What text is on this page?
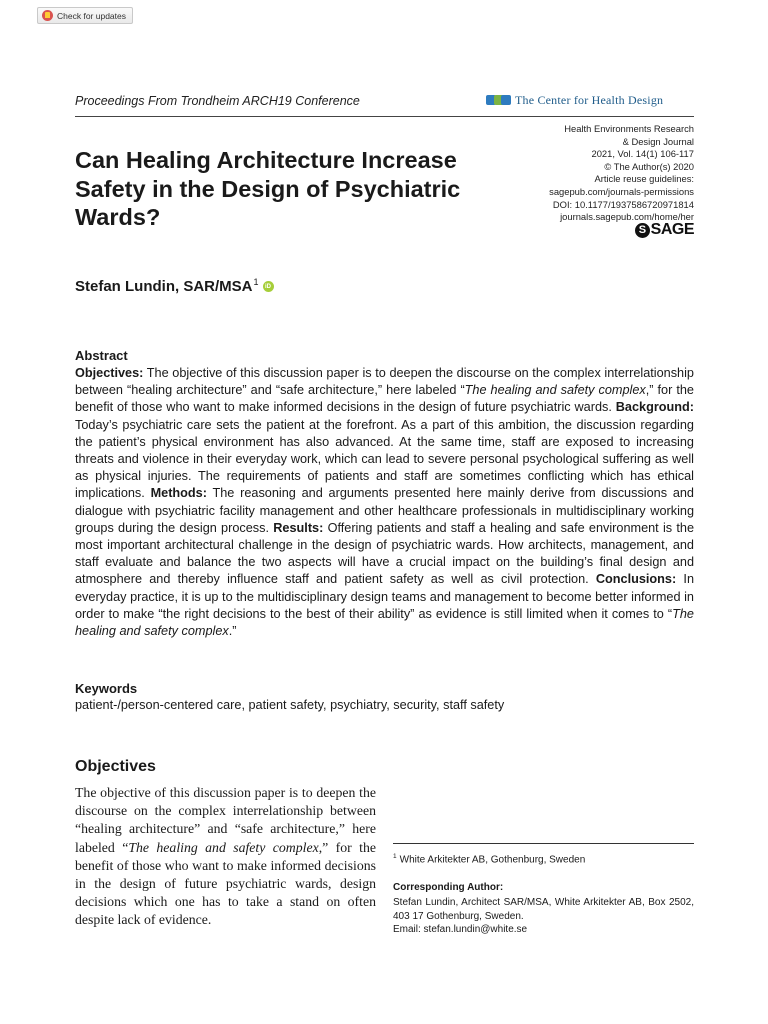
Check for updates
Proceedings From Trondheim ARCH19 Conference	The Center for Health Design
Health Environments Research
& Design Journal
2021, Vol. 14(1) 106-117
© The Author(s) 2020
Article reuse guidelines:
sagepub.com/journals-permissions
DOI: 10.1177/1937586720971814
journals.sagepub.com/home/her
S SAGE
Can Healing Architecture Increase Safety in the Design of Psychiatric Wards?
Stefan Lundin, SAR/MSA$^1$	iD
Abstract

Objectives: The objective of this discussion paper is to deepen the discourse on the complex interrelationship between “healing architecture” and “safe architecture,” here labeled “The healing and safety complex,” for the benefit of those who want to make informed decisions in the design of future psychiatric wards. Background: Today’s psychiatric care sets the patient at the forefront. As a part of this ambition, the discussion regarding the patient’s physical environment has also advanced. At the same time, staff are exposed to increasing threats and violence in their everyday work, which can lead to severe personal psychological suffering as well as physical injuries. The requirements of patients and staff are sometimes conflicting which has ethical implications. Methods: The reasoning and arguments presented here mainly derive from discussions and dialogue with psychiatric facility management and other healthcare professionals in multidisciplinary working groups during the design process. Results: Offering patients and staff a healing and safe environment is the most important architectural challenge in the design of psychiatric wards. How architects, management, and staff evaluate and balance the two aspects will have a crucial impact on the building’s final design and atmosphere and thereby influence staff and patient safety as well as civil protection. Conclusions: In everyday practice, it is up to the multidisciplinary design teams and management to become better informed in order to make “the right decisions to the best of their ability” as evidence is still limited when it comes to “The healing and safety complex.”

Keywords
patient-/person-centered care, patient safety, psychiatry, security, staff safety
Objectives

The objective of this discussion paper is to deepen the discourse on the complex interrelationship between “healing architecture” and “safe architecture,” here labeled “The healing and safety complex,” for the benefit of those who want to make informed decisions in the design of future psychiatric wards, design decisions which one has to take a stand on often despite lack of evidence.

$^1$ White Arkitekter AB, Gothenburg, Sweden
Corresponding Author:

Stefan Lundin, Architect SAR/MSA, White Arkitekter AB, Box 2502, 403 17 Gothenburg, Sweden.
Email: stefan.lundin@white.se
